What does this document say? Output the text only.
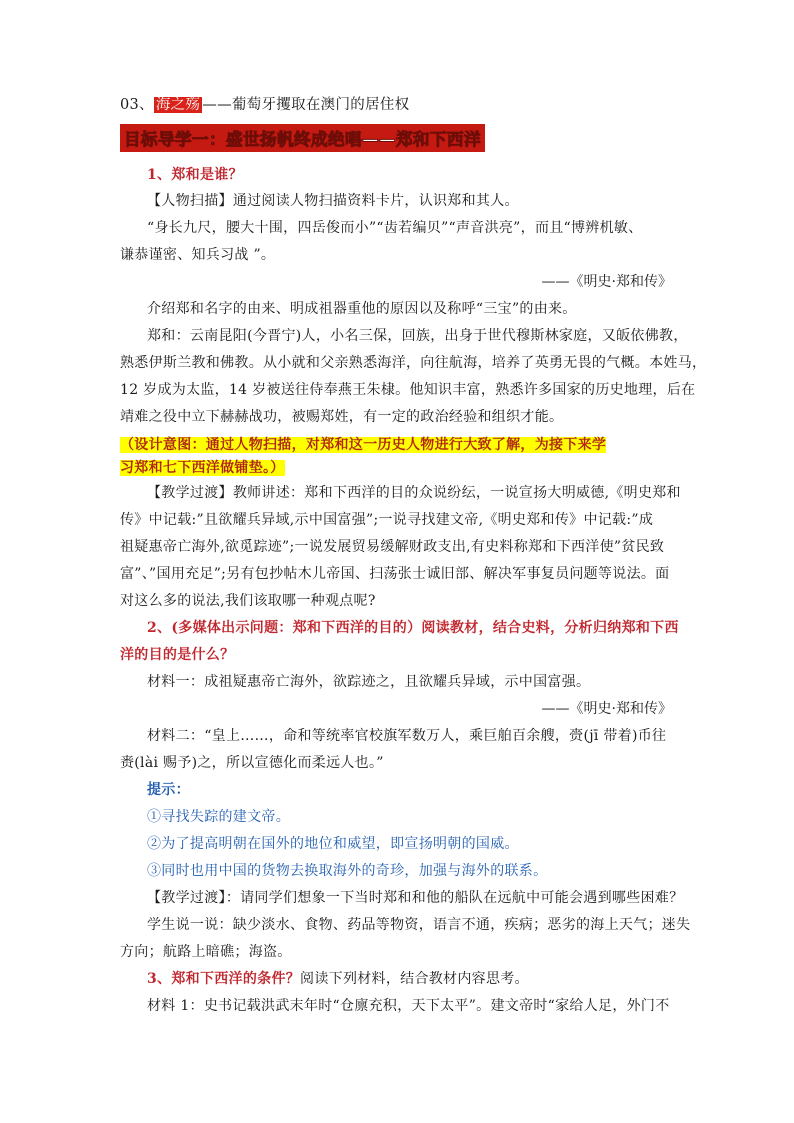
03、 海之殇 ——葡萄牙攫取在澳门的居住权
目标导学一：盛世扬帆终成绝唱——郑和下西洋
1、郑和是谁？
【人物扫描】通过阅读人物扫描资料卡片，认识郑和其人。
“身长九尺，腰大十围，四岳俊而小”“齿若编贝”“声音洪亮”，而且“博辨机敏、
谦恭谨密、知兵习战 ”。
——《明史·郑和传》
介绍郑和名字的由来、明成祖器重他的原因以及称呼“三宝”的由来。
郑和：云南昆阳(今晋宁)人，小名三保，回族，出身于世代穆斯林家庭，又皈依佛教，
熟悉伊斯兰教和佛教。从小就和父亲熟悉海洋，向往航海，培养了英勇无畏的气概。本姓马，
12 岁成为太监，14 岁被送往侍奉燕王朱棣。他知识丰富，熟悉许多国家的历史地理，后在
靖难之役中立下赫赫战功，被赐郑姓，有一定的政治经验和组织才能。
（设计意图：通过人物扫描，对郑和这一历史人物进行大致了解，为接下来学
习郑和七下西洋做铺垫。）
【教学过渡】教师讲述：郑和下西洋的目的众说纷纭，一说宣扬大明威德,《明史郑和
传》中记载:”且欲耀兵异域,示中国富强”;一说寻找建文帝,《明史郑和传》中记载:”成
祖疑惠帝亡海外,欲觅踪迹”;一说发展贸易缓解财政支出,有史料称郑和下西洋使”贫民致
富”、”国用充足”;另有包抄帖木儿帝国、扫荡张士诚旧部、解决军事复员问题等说法。面
对这么多的说法,我们该取哪一种观点呢?
2、(多媒体出示问题：郑和下西洋的目的）阅读教材，结合史料，分析归纳郑和下西
洋的目的是什么？
材料一：成祖疑惠帝亡海外，欲踪迹之，且欲耀兵异域，示中国富强。
——《明史·郑和传》
材料二：“皇上……，命和等统率官校旗军数万人，乘巨舶百余艘，赍(jī 带着)币往
赉(lài 赐予)之，所以宣德化而柔远人也。”
提示：
①寻找失踪的建文帝。
②为了提高明朝在国外的地位和威望，即宣扬明朝的国威。
③同时也用中国的货物去换取海外的奇珍，加强与海外的联系。
【教学过渡】：请同学们想象一下当时郑和和他的船队在远航中可能会遇到哪些困难？
学生说一说：缺少淡水、食物、药品等物资，语言不通，疾病；恶劣的海上天气；迷失
方向；航路上暗礁；海盗。
3、郑和下西洋的条件？阅读下列材料，结合教材内容思考。
材料 1：史书记载洪武末年时“仓廪充积，天下太平”。建文帝时“家给人足，外门不
